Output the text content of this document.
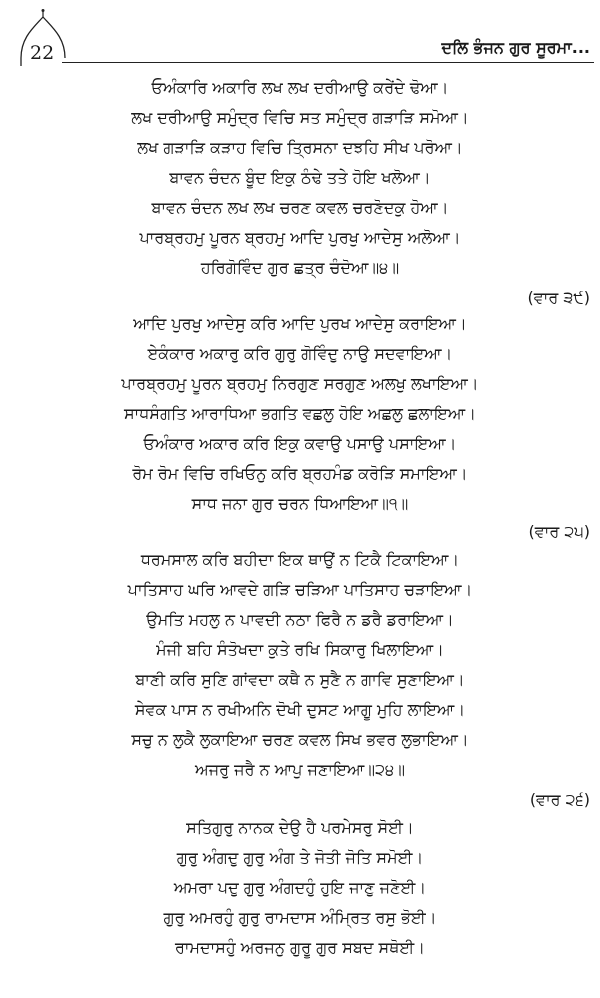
22	ਦਲਿ ਭੰਜਨ ਗੁਰ ਸੂਰਮਾ...
ਓਅੰਕਾਰਿ ਅਕਾਰਿ ਲਖ ਲਖ ਦਰੀਆਉ ਕਰੇਂਦੇ ਢੋਆ।
ਲਖ ਦਰੀਆਉ ਸਮੁੰਦ੍ਰ ਵਿਚਿ ਸਤ ਸਮੁੰਦ੍ਰ ਗੜਾੜਿ ਸਮੋਆ।
ਲਖ ਗੜਾੜਿ ਕੜਾਹ ਵਿਚਿ ਤ੍ਰਿਸਨਾ ਦਝਹਿ ਸੀਖ ਪਰੋਆ।
ਬਾਵਨ ਚੰਦਨ ਬੂੰਦ ਇਕੁ ਠੰਢੇ ਤਤੇ ਹੋਇ ਖਲੋਆ।
ਬਾਵਨ ਚੰਦਨ ਲਖ ਲਖ ਚਰਣ ਕਵਲ ਚਰਣੋਦਕੁ ਹੋਆ।
ਪਾਰਬ੍ਰਹਮੁ ਪੂਰਨ ਬ੍ਰਹਮੁ ਆਦਿ ਪੁਰਖੁ ਆਦੇਸੁ ਅਲੋਆ।
ਹਰਿਗੋਵਿੰਦ ਗੁਰ ਛਤ੍ਰ ਚੰਦੋਆ॥੪॥
(ਵਾਰ ੩੯)
ਆਦਿ ਪੁਰਖੁ ਆਦੇਸੁ ਕਰਿ ਆਦਿ ਪੁਰਖ ਆਦੇਸੁ ਕਰਾਇਆ।
ਏਕੰਕਾਰ ਅਕਾਰੁ ਕਰਿ ਗੁਰੁ ਗੋਵਿੰਦੁ ਨਾਉ ਸਦਵਾਇਆ।
ਪਾਰਬ੍ਰਹਮੁ ਪੂਰਨ ਬ੍ਰਹਮੁ ਨਿਰਗੁਣ ਸਰਗੁਣ ਅਲਖੁ ਲਖਾਇਆ।
ਸਾਧਸੰਗਤਿ ਆਰਾਧਿਆ ਭਗਤਿ ਵਛਲੁ ਹੋਇ ਅਛਲੁ ਛਲਾਇਆ।
ਓਅੰਕਾਰ ਅਕਾਰ ਕਰਿ ਇਕੁ ਕਵਾਉ ਪਸਾਉ ਪਸਾਇਆ।
ਰੋਮ ਰੋਮ ਵਿਚਿ ਰਖਿਓਨੁ ਕਰਿ ਬ੍ਰਹਮੰਡ ਕਰੋੜਿ ਸਮਾਇਆ।
ਸਾਧ ਜਨਾ ਗੁਰ ਚਰਨ ਧਿਆਇਆ॥੧॥
(ਵਾਰ ੨੫)
ਧਰਮਸਾਲ ਕਰਿ ਬਹੀਦਾ ਇਕ ਥਾਉਂ ਨ ਟਿਕੈ ਟਿਕਾਇਆ।
ਪਾਤਿਸਾਹ ਘਰਿ ਆਵਦੇ ਗੜਿ ਚੜਿਆ ਪਾਤਿਸਾਹ ਚੜਾਇਆ।
ਉਮਤਿ ਮਹਲੁ ਨ ਪਾਵਦੀ ਨਠਾ ਫਿਰੈ ਨ ਡਰੈ ਡਰਾਇਆ।
ਮੰਜੀ ਬਹਿ ਸੰਤੋਖਦਾ ਕੁਤੇ ਰਖਿ ਸਿਕਾਰੁ ਖਿਲਾਇਆ।
ਬਾਣੀ ਕਰਿ ਸੁਣਿ ਗਾਂਵਦਾ ਕਥੈ ਨ ਸੁਣੈ ਨ ਗਾਵਿ ਸੁਣਾਇਆ।
ਸੇਵਕ ਪਾਸ ਨ ਰਖੀਅਨਿ ਦੋਖੀ ਦੁਸਟ ਆਗੂ ਮੁਹਿ ਲਾਇਆ।
ਸਚੁ ਨ ਲੁਕੈ ਲੁਕਾਇਆ ਚਰਣ ਕਵਲ ਸਿਖ ਭਵਰ ਲੁਭਾਇਆ।
ਅਜਰੁ ਜਰੈ ਨ ਆਪੁ ਜਣਾਇਆ॥੨੪॥
(ਵਾਰ ੨੬)
ਸਤਿਗੁਰੁ ਨਾਨਕ ਦੇਉ ਹੈ ਪਰਮੇਸਰੁ ਸੋਈ।
ਗੁਰੁ ਅੰਗਦੁ ਗੁਰੁ ਅੰਗ ਤੇ ਜੋਤੀ ਜੋਤਿ ਸਮੋਈ।
ਅਮਰਾ ਪਦੁ ਗੁਰੁ ਅੰਗਦਹੁੰ ਹੁਇ ਜਾਣੁ ਜਣੋਈ।
ਗੁਰੁ ਅਮਰਹੁੰ ਗੁਰੁ ਰਾਮਦਾਸ ਅੰਮ੍ਰਿਤ ਰਸੁ ਭੋਈ।
ਰਾਮਦਾਸਹੁੰ ਅਰਜਨੁ ਗੁਰੂ ਗੁਰ ਸਬਦ ਸਥੋਈ।
